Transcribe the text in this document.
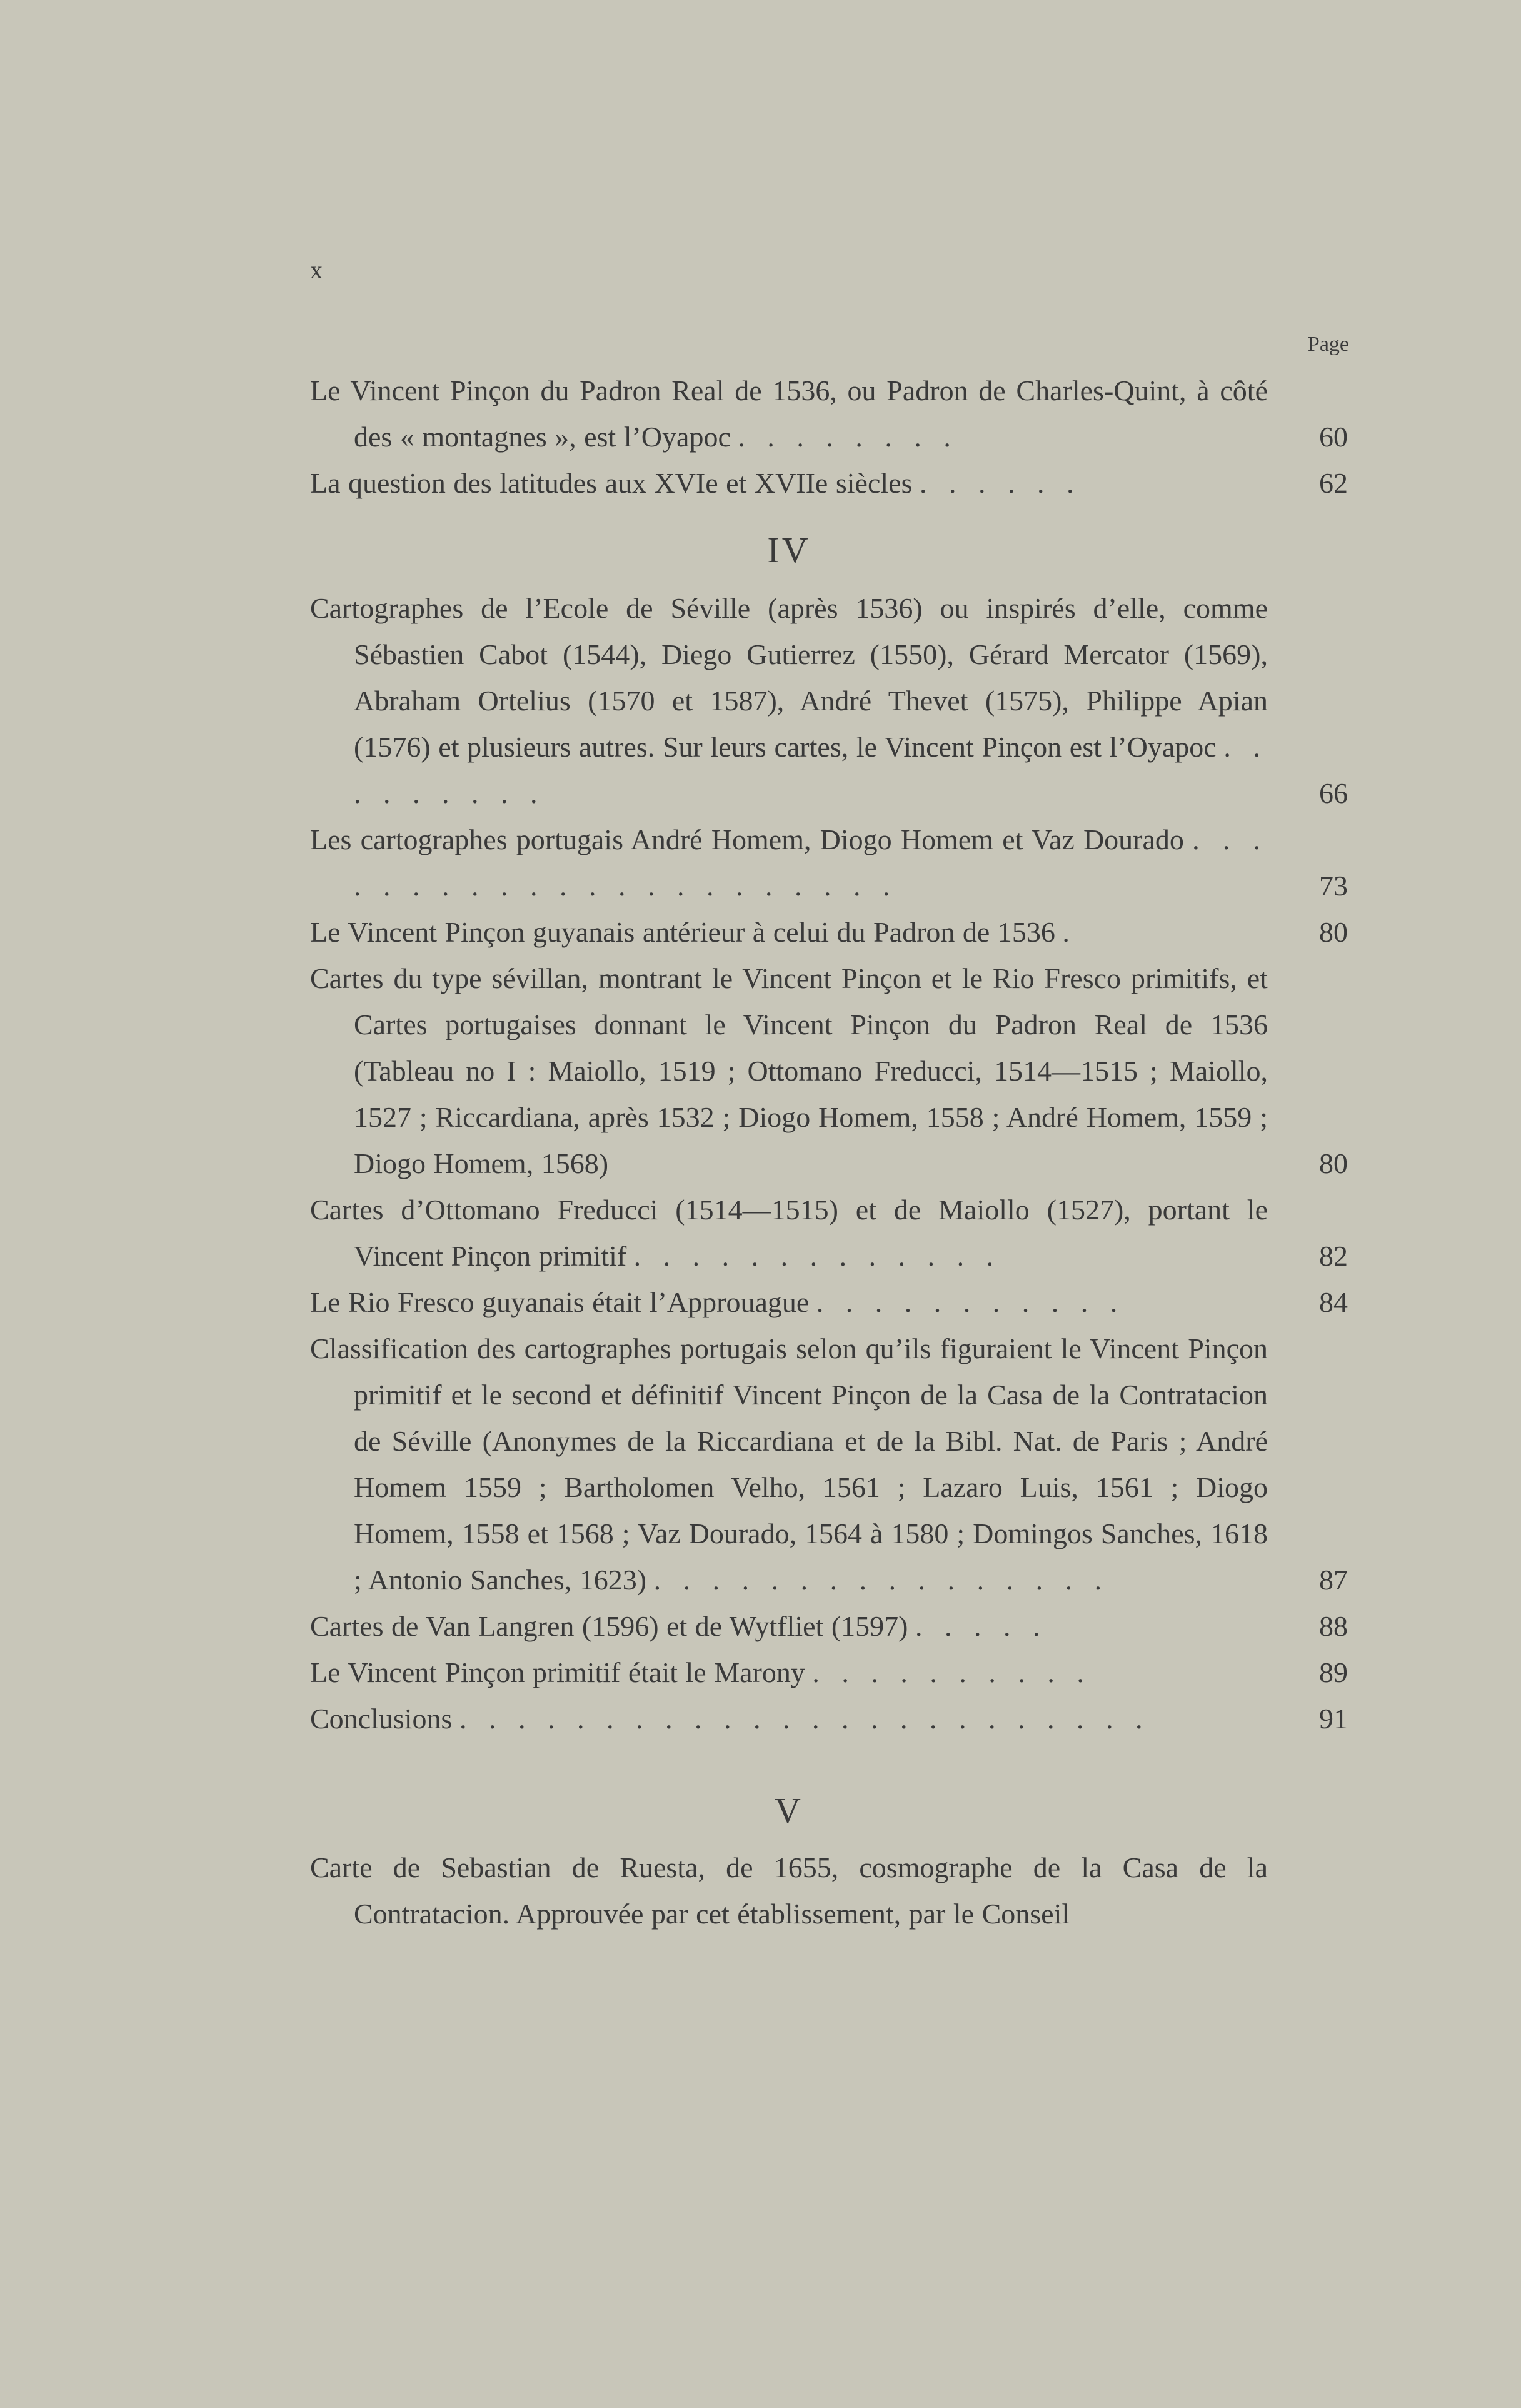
x
Page
Le Vincent Pinçon du Padron Real de 1536, ou Padron de Charles-Quint, à côté des « montagnes », est l’Oyapoc . . . . . . . .	60
La question des latitudes aux XVIe et XVIIe siècles . . . . . .	62
IV
Cartographes de l’Ecole de Séville (après 1536) ou inspirés d’elle, comme Sébastien Cabot (1544), Diego Gutierrez (1550), Gérard Mercator (1569), Abraham Ortelius (1570 et 1587), André Thevet (1575), Philippe Apian (1576) et plusieurs autres. Sur leurs cartes, le Vincent Pinçon est l’Oyapoc . . . . . . . . .	66
Les cartographes portugais André Homem, Diogo Homem et Vaz Dourado . . . . . . . . . . . . . . . . . . . . . .	73
Le Vincent Pinçon guyanais antérieur à celui du Padron de 1536 .	80
Cartes du type sévillan, montrant le Vincent Pinçon et le Rio Fresco primitifs, et Cartes portugaises donnant le Vincent Pinçon du Padron Real de 1536 (Tableau no I : Maiollo, 1519 ; Ottomano Freducci, 1514—1515 ; Maiollo, 1527 ; Riccardiana, après 1532 ; Diogo Homem, 1558 ; André Homem, 1559 ; Diogo Homem, 1568)	80
Cartes d’Ottomano Freducci (1514—1515) et de Maiollo (1527), portant le Vincent Pinçon primitif . . . . . . . . . . . . .	82
Le Rio Fresco guyanais était l’Approuague . . . . . . . . . . .	84
Classification des cartographes portugais selon qu’ils figuraient le Vincent Pinçon primitif et le second et définitif Vincent Pinçon de la Casa de la Contratacion de Séville (Anonymes de la Riccardiana et de la Bibl. Nat. de Paris ; André Homem 1559 ; Bartholomen Velho, 1561 ; Lazaro Luis, 1561 ; Diogo Homem, 1558 et 1568 ; Vaz Dourado, 1564 à 1580 ; Domingos Sanches, 1618 ; Antonio Sanches, 1623) . . . . . . . . . . . . . . . .	87
Cartes de Van Langren (1596) et de Wytfliet (1597) . . . . .	88
Le Vincent Pinçon primitif était le Marony . . . . . . . . . .	89
Conclusions . . . . . . . . . . . . . . . . . . . . . . . .	91
V
Carte de Sebastian de Ruesta, de 1655, cosmographe de la Casa de la Contratacion. Approuvée par cet établissement, par le Conseil
